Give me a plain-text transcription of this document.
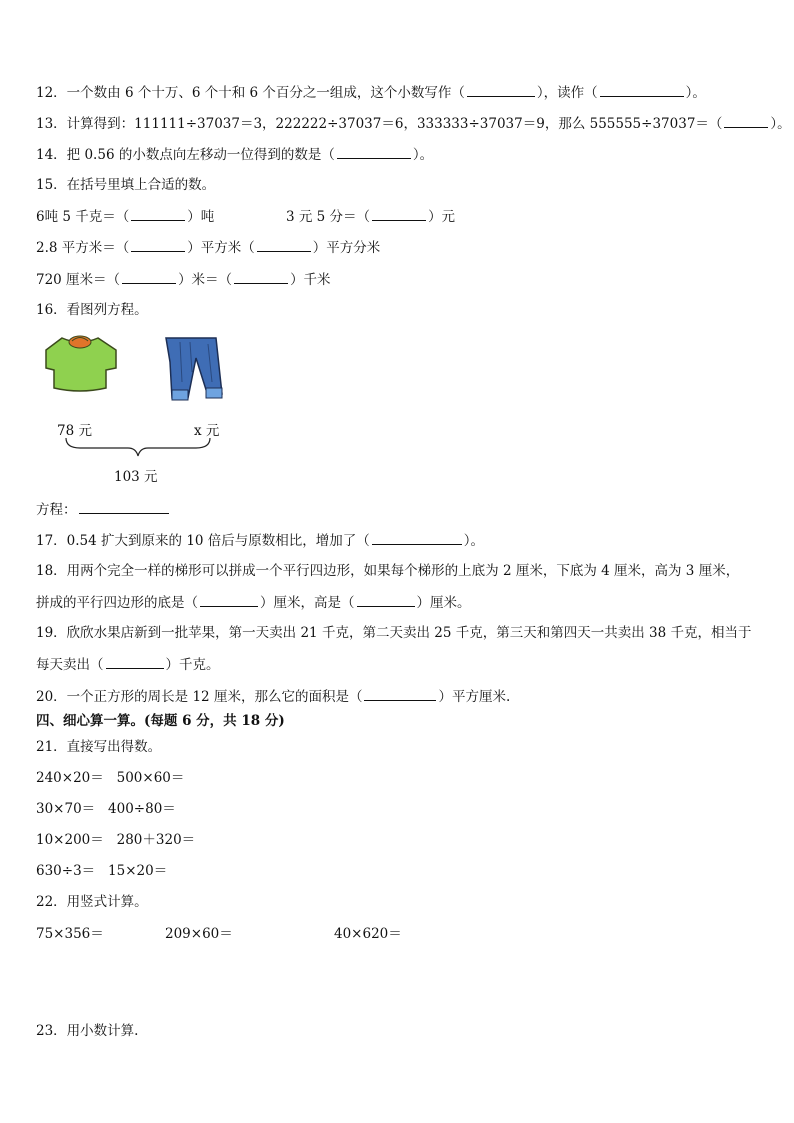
12．一个数由 6 个十万、6 个十和 6 个百分之一组成，这个小数写作（	），读作（	）。
13．计算得到：111111÷37037＝3，222222÷37037＝6，333333÷37037＝9，那么 555555÷37037＝（	）。
14．把 0.56 的小数点向左移动一位得到的数是（	）。
15．在括号里填上合适的数。
6吨 5 千克＝（	）吨	3 元 5 分＝（	）元
2.8 平方米＝（	）平方米（	）平方分米
720 厘米＝（	）米＝（	）千米
16．看图列方程。
78 元	x 元
103 元
方程：
17．0.54 扩大到原来的 10 倍后与原数相比，增加了（	）。
18．用两个完全一样的梯形可以拼成一个平行四边形，如果每个梯形的上底为 2 厘米，下底为 4 厘米，高为 3 厘米，
拼成的平行四边形的底是（	）厘米，高是（	）厘米。
19．欣欣水果店新到一批苹果，第一天卖出 21 千克，第二天卖出 25 千克，第三天和第四天一共卖出 38 千克，相当于
每天卖出（	）千克。
20．一个正方形的周长是 12 厘米，那么它的面积是（	）平方厘米.
四、细心算一算。(每题 6 分，共 18 分)
21．直接写出得数。
240×20＝   500×60＝
30×70＝   400÷80＝
10×200＝   280＋320＝
630÷3＝   15×20＝
22．用竖式计算。
75×356＝	209×60＝	40×620＝
23．用小数计算.
